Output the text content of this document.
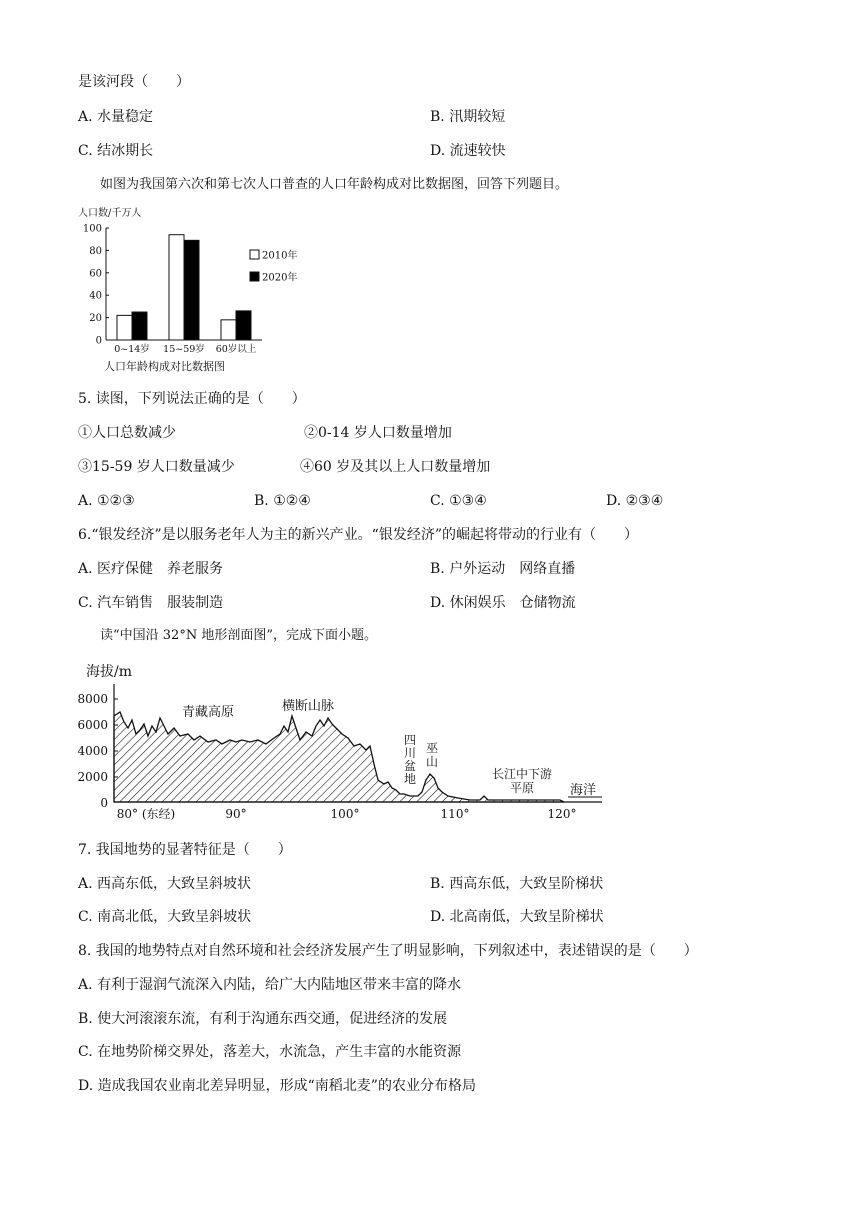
是该河段（　　）
A. 水量稳定	B. 汛期较短
C. 结冰期长	D. 流速较快
如图为我国第六次和第七次人口普查的人口年龄构成对比数据图，回答下列题目。
人口数/千万人
0
20
40
60
80
100
0~14岁 15~59岁 60岁以上
2010年
2020年
人口年龄构成对比数据图
5. 读图，下列说法正确的是（　　）
①人口总数减少	②0-14 岁人口数量增加
③15-59 岁人口数量减少	④60 岁及其以上人口数量增加
A. ①②③	B. ①②④	C. ①③④	D. ②③④
6.“银发经济”是以服务老年人为主的新兴产业。“银发经济”的崛起将带动的行业有（　　）
A. 医疗保健　养老服务	B. 户外运动　网络直播
C. 汽车销售　服装制造	D. 休闲娱乐　仓储物流
读“中国沿 32°N 地形剖面图”，完成下面小题。
海拔/m
8000
6000
4000
2000
0
80° (东经)	90°	100°	110°	120°
青藏高原	横断山脉
四
川
盆
地
巫
山
长江中下游
平原	海洋
7. 我国地势的显著特征是（　　）
A. 西高东低，大致呈斜坡状	B. 西高东低，大致呈阶梯状
C. 南高北低，大致呈斜坡状	D. 北高南低，大致呈阶梯状
8. 我国的地势特点对自然环境和社会经济发展产生了明显影响，下列叙述中，表述错误的是（　　）
A. 有利于湿润气流深入内陆，给广大内陆地区带来丰富的降水
B. 使大河滚滚东流，有利于沟通东西交通，促进经济的发展
C. 在地势阶梯交界处，落差大，水流急，产生丰富的水能资源
D. 造成我国农业南北差异明显，形成“南稻北麦”的农业分布格局
